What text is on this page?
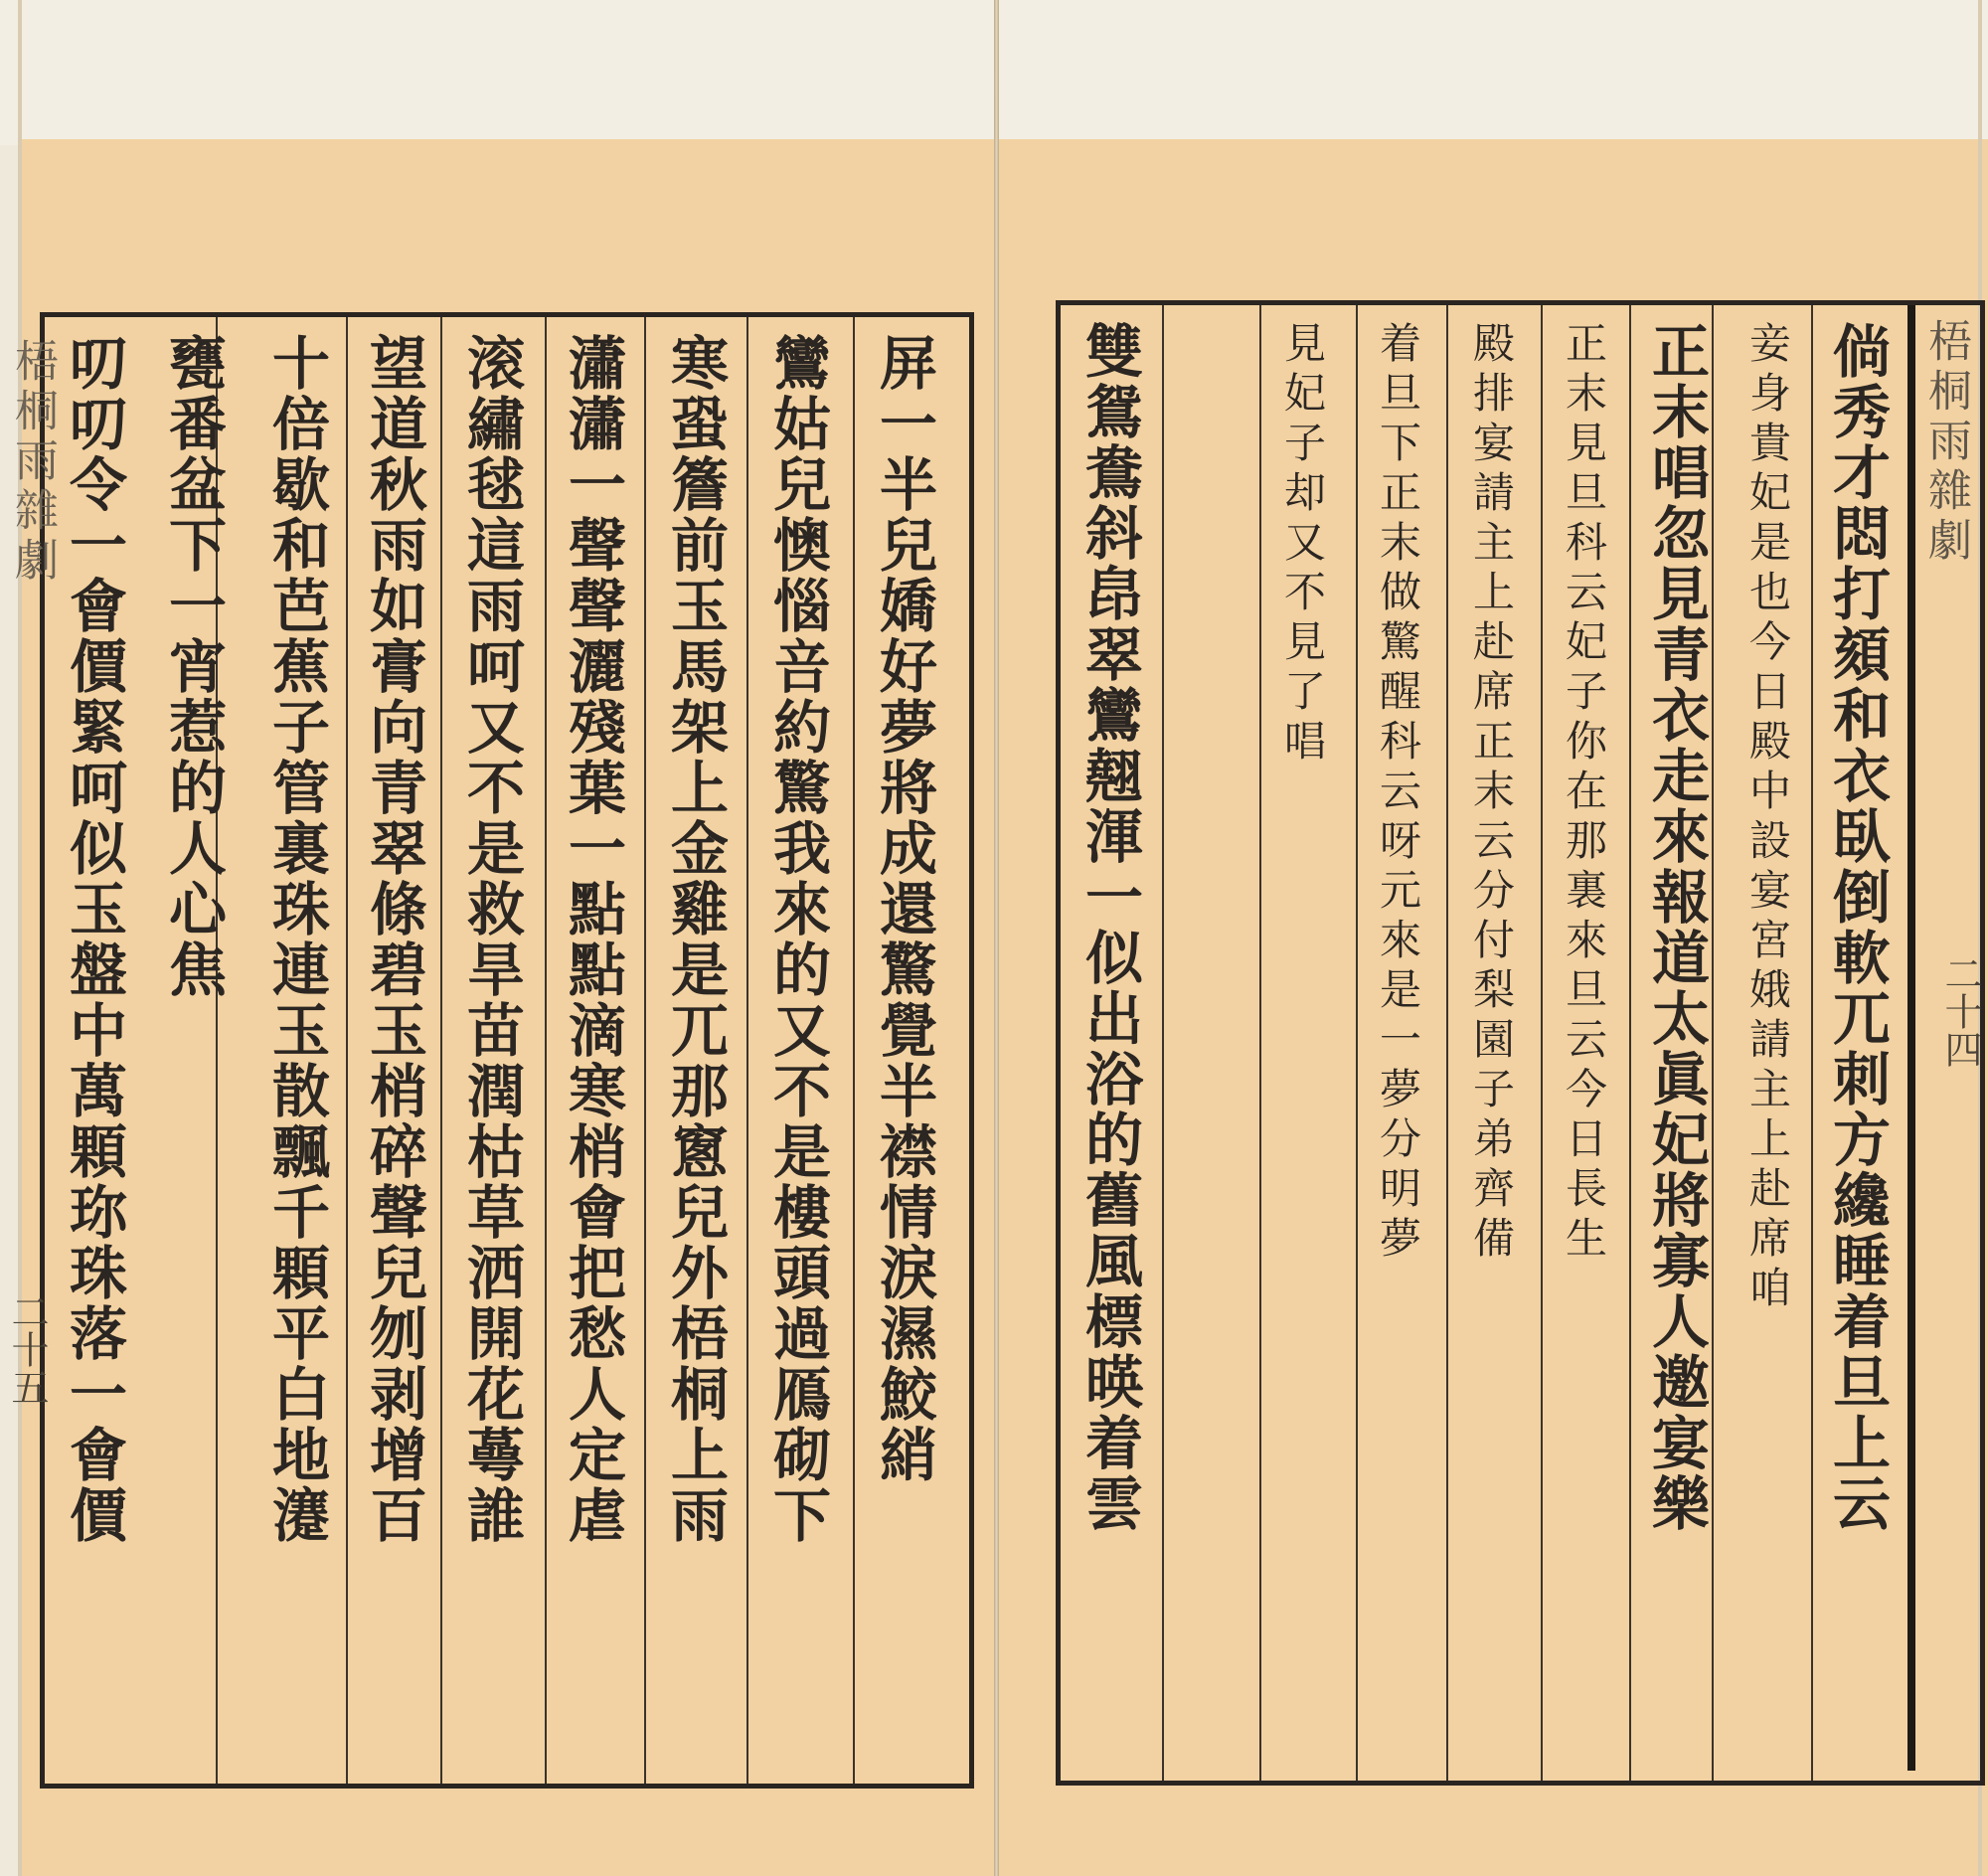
屏一半兒嬌好夢將成還驚覺半襟情淚濕鮫綃
鸞姑兒懊惱咅約驚我來的又不是樓頭過鴈砌下
寒蛩簷前玉馬架上金雞是兀那窻兒外梧桐上雨
瀟瀟一聲聲灑殘葉一點點滴寒梢會把愁人定虐
滚繡毬這雨呵又不是救旱苗潤枯草洒開花蕚誰
望道秋雨如膏向青翠條碧玉梢碎聲兒刎剥增百
十倍歇和芭蕉子管裏珠連玉散飄千顆平白地瀽
甕番盆下一宵惹的人心焦
叨叨令一會價緊呵似玉盤中萬顆珎珠落一會價
梧桐雨雜劇
二十五	倘秀才悶打頦和衣臥倒軟兀刺方纔睡着旦上云
妾身貴妃是也今日殿中設宴宮娥請主上赴席咱
正末唱忽見青衣走來報道太眞妃將寡人邀宴樂
正末見旦科云妃子你在那裏來旦云今日長生
殿排宴請主上赴席正末云分付梨園子弟齊備
着旦下正末做驚醒科云呀元來是一夢分明夢
見妃子却又不見了唱
雙鴛鴦斜皍翠鸞翹渾一似出浴的舊風標暎着雲	梧桐雨雜劇
二十四
